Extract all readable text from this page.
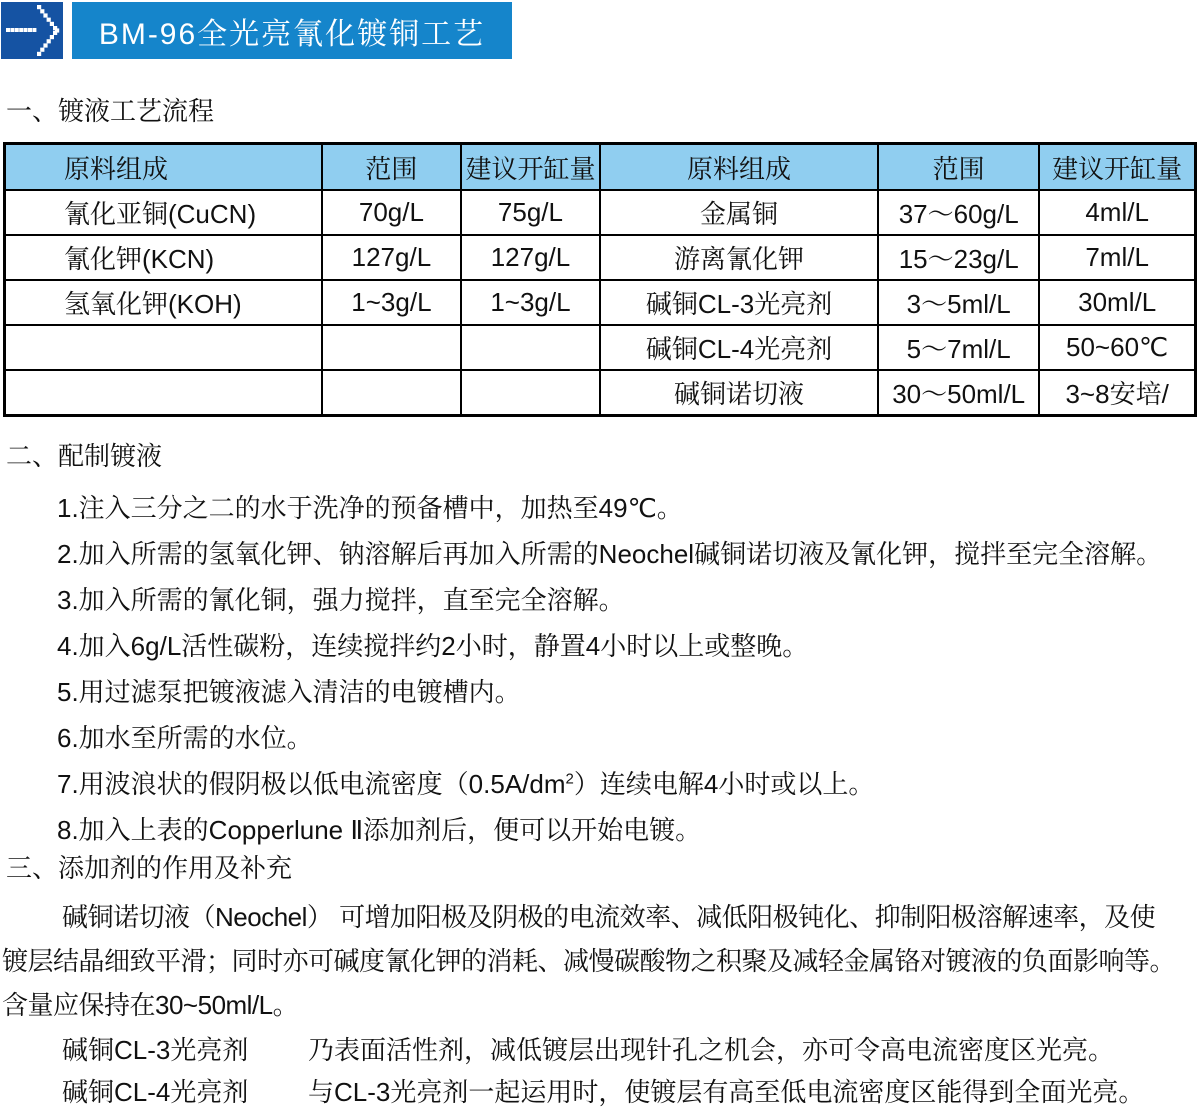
BM-96全光亮氰化镀铜工艺
一、镀液工艺流程
原料组成	范围	建议开缸量	原料组成	范围	建议开缸量
氰化亚铜(CuCN)	70g/L	75g/L	金属铜	37～60g/L	4ml/L
氰化钾(KCN)	127g/L	127g/L	游离氰化钾	15～23g/L	7ml/L
氢氧化钾(KOH)	1~3g/L	1~3g/L	碱铜CL-3光亮剂	3～5ml/L	30ml/L
			碱铜CL-4光亮剂	5～7ml/L	50~60℃
			碱铜诺切液	30～50ml/L	3~8安培/
二、配制镀液
1.注入三分之二的水于洗净的预备槽中，加热至49℃。
2.加入所需的氢氧化钾、钠溶解后再加入所需的Neochel碱铜诺切液及氰化钾，搅拌至完全溶解。
3.加入所需的氰化铜，强力搅拌，直至完全溶解。
4.加入6g/L活性碳粉，连续搅拌约2小时，静置4小时以上或整晚。
5.用过滤泵把镀液滤入清洁的电镀槽内。
6.加水至所需的水位。
7.用波浪状的假阴极以低电流密度$(0.5A/dm^2)$连续电解4小时或以上。
8.加入上表的Copperlune Ⅱ添加剂后，便可以开始电镀。
三、添加剂的作用及补充
碱铜诺切液（Neochel） 可增加阳极及阴极的电流效率、减低阳极钝化、抑制阳极溶解速率，及使
镀层结晶细致平滑；同时亦可碱度氰化钾的消耗、减慢碳酸物之积聚及减轻金属铬对镀液的负面影响等。
含量应保持在30~50ml/L。
碱铜CL-3光亮剂	乃表面活性剂，减低镀层出现针孔之机会，亦可令高电流密度区光亮。
碱铜CL-4光亮剂	与CL-3光亮剂一起运用时，使镀层有高至低电流密度区能得到全面光亮。
